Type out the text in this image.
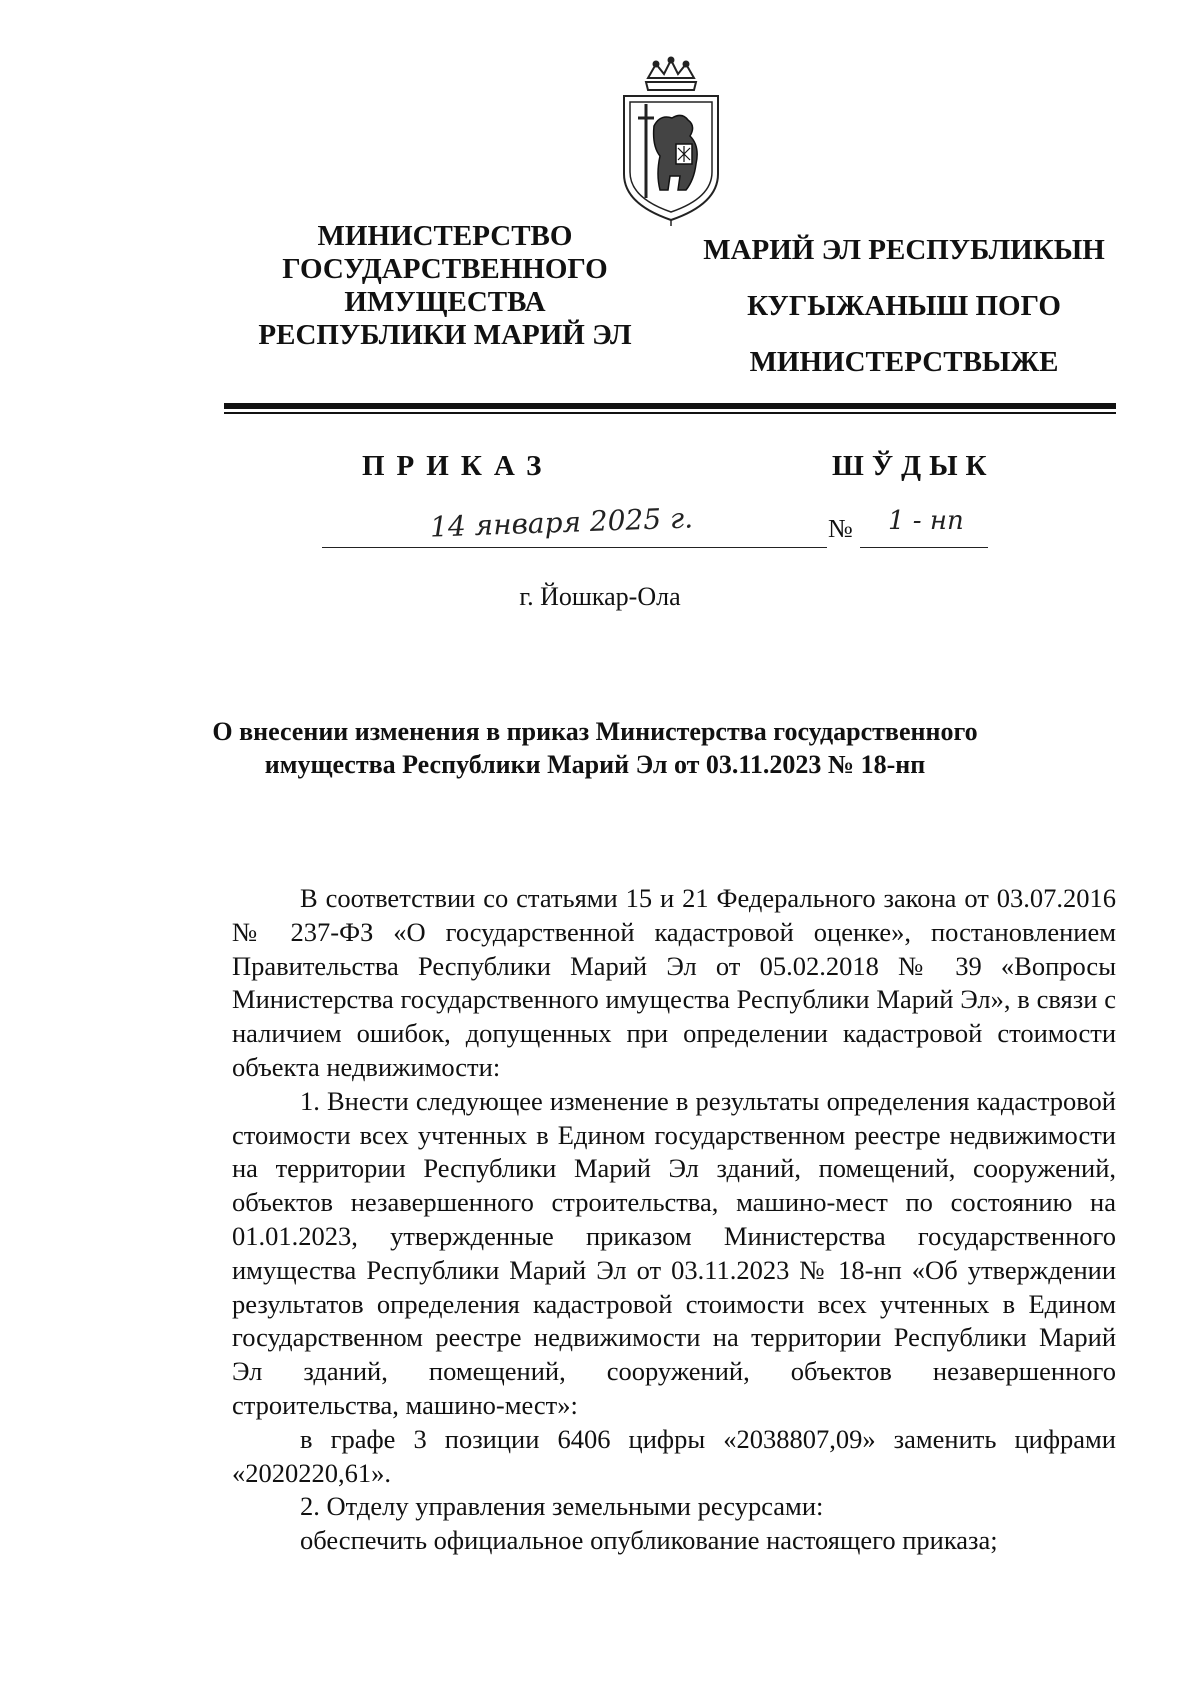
МИНИСТЕРСТВО
ГОСУДАРСТВЕННОГО
ИМУЩЕСТВА
РЕСПУБЛИКИ МАРИЙ ЭЛ
МАРИЙ ЭЛ РЕСПУБЛИКЫН
КУГЫЖАНЫШ ПОГО
МИНИСТЕРСТВЫЖЕ
ПРИКАЗ	ШЎДЫК
14 января 2025 г.	№ 1 - нп
г. Йошкар-Ола
О внесении изменения в приказ Министерства государственного
имущества Республики Марий Эл от 03.11.2023 № 18-нп

В соответствии со статьями 15 и 21 Федерального закона от 03.07.2016 № 237-ФЗ «О государственной кадастровой оценке», постановлением Правительства Республики Марий Эл от 05.02.2018 № 39 «Вопросы Министерства государственного имущества Республики Марий Эл», в связи с наличием ошибок, допущенных при определении кадастровой стоимости объекта недвижимости:

1. Внести следующее изменение в результаты определения кадастровой стоимости всех учтенных в Едином государственном реестре недвижимости на территории Республики Марий Эл зданий, помещений, сооружений, объектов незавершенного строительства, машино-мест по состоянию на 01.01.2023, утвержденные приказом Министерства государственного имущества Республики Марий Эл от 03.11.2023 № 18-нп «Об утверждении результатов определения кадастровой стоимости всех учтенных в Едином государственном реестре недвижимости на территории Республики Марий Эл зданий, помещений, сооружений, объектов незавершенного строительства, машино-мест»:

в графе 3 позиции 6406 цифры «2038807,09» заменить цифрами «2020220,61».

2. Отделу управления земельными ресурсами:

обеспечить официальное опубликование настоящего приказа;
